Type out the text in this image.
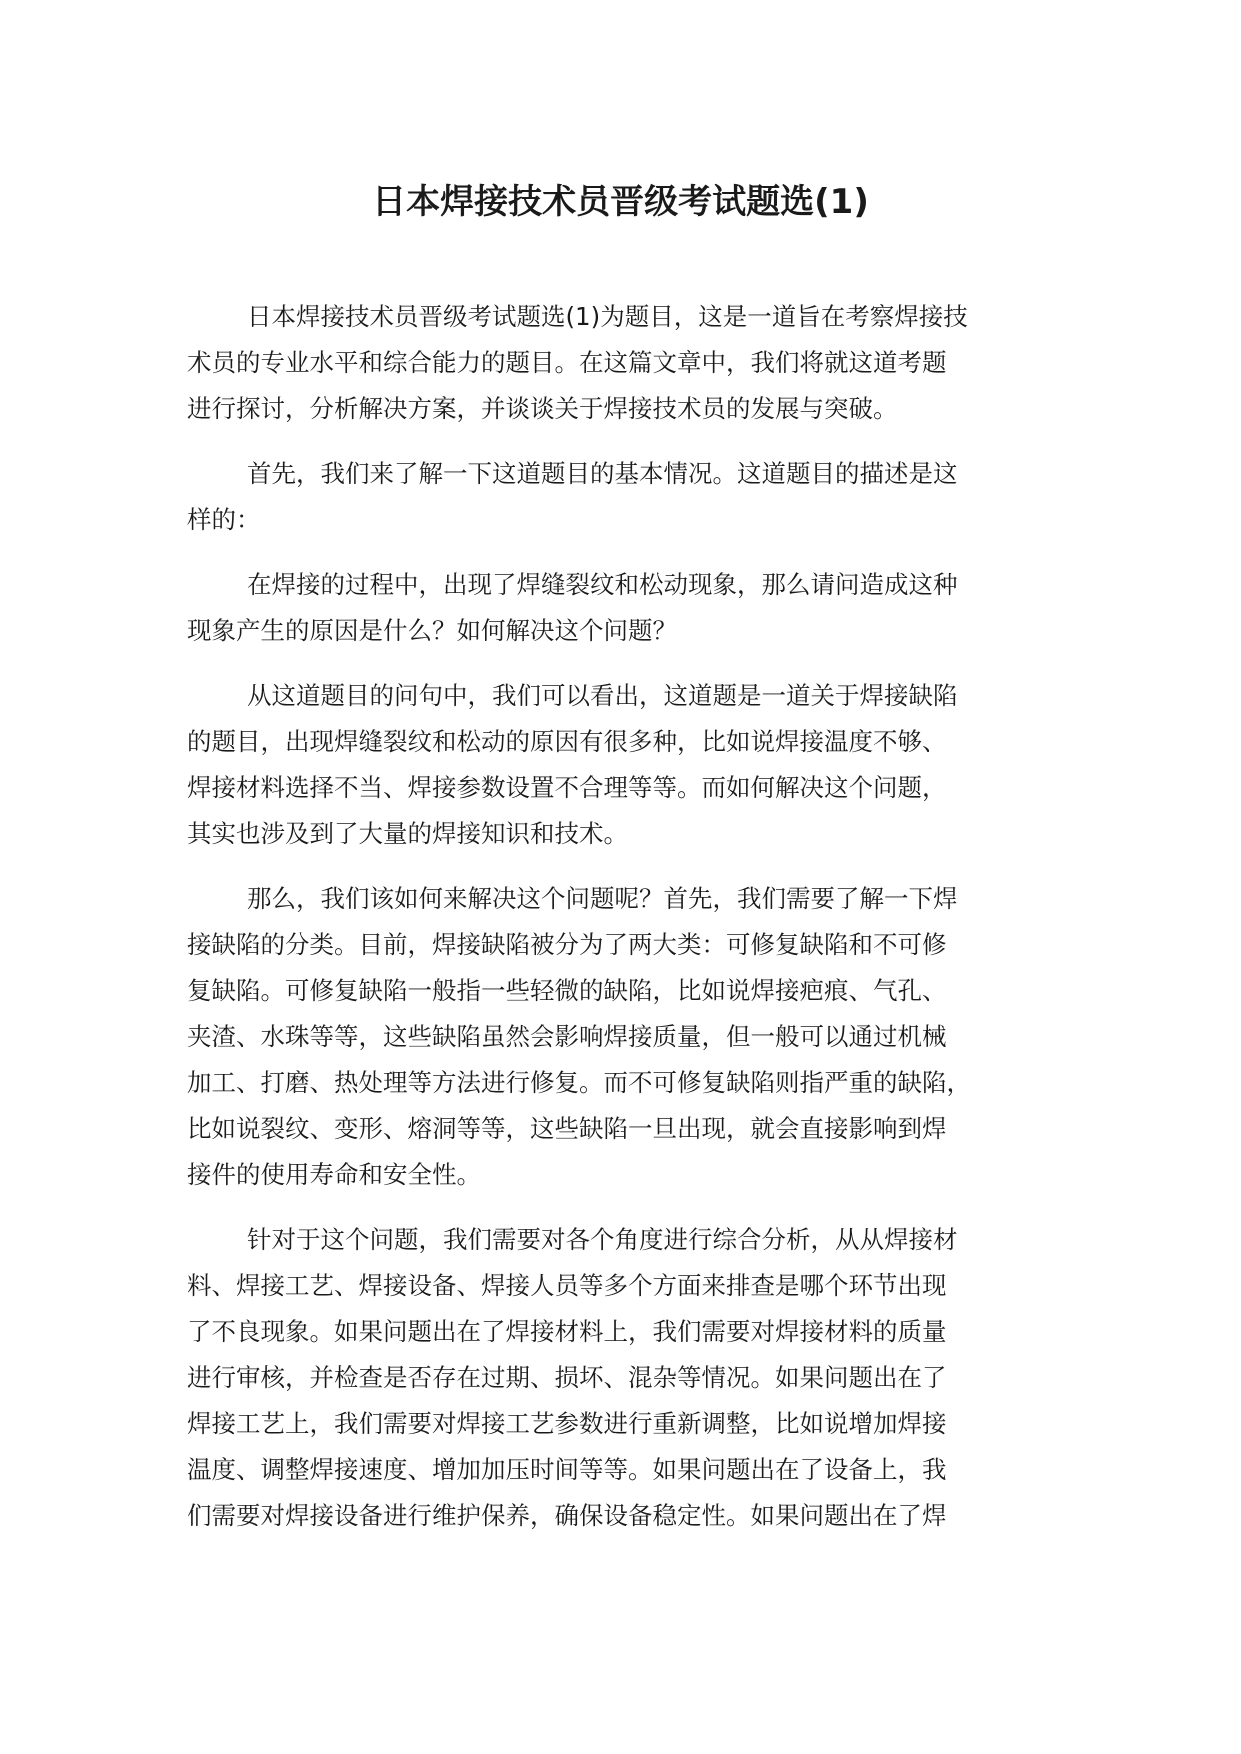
日本焊接技术员晋级考试题选(1)

日本焊接技术员晋级考试题选(1)为题目，这是一道旨在考察焊接技
术员的专业水平和综合能力的题目。在这篇文章中，我们将就这道考题
进行探讨，分析解决方案，并谈谈关于焊接技术员的发展与突破。

首先，我们来了解一下这道题目的基本情况。这道题目的描述是这
样的：

在焊接的过程中，出现了焊缝裂纹和松动现象，那么请问造成这种
现象产生的原因是什么？如何解决这个问题？

从这道题目的问句中，我们可以看出，这道题是一道关于焊接缺陷
的题目，出现焊缝裂纹和松动的原因有很多种，比如说焊接温度不够、
焊接材料选择不当、焊接参数设置不合理等等。而如何解决这个问题，
其实也涉及到了大量的焊接知识和技术。

那么，我们该如何来解决这个问题呢？首先，我们需要了解一下焊
接缺陷的分类。目前，焊接缺陷被分为了两大类：可修复缺陷和不可修
复缺陷。可修复缺陷一般指一些轻微的缺陷，比如说焊接疤痕、气孔、
夹渣、水珠等等，这些缺陷虽然会影响焊接质量，但一般可以通过机械
加工、打磨、热处理等方法进行修复。而不可修复缺陷则指严重的缺陷，
比如说裂纹、变形、熔洞等等，这些缺陷一旦出现，就会直接影响到焊
接件的使用寿命和安全性。

针对于这个问题，我们需要对各个角度进行综合分析，从从焊接材
料、焊接工艺、焊接设备、焊接人员等多个方面来排查是哪个环节出现
了不良现象。如果问题出在了焊接材料上，我们需要对焊接材料的质量
进行审核，并检查是否存在过期、损坏、混杂等情况。如果问题出在了
焊接工艺上，我们需要对焊接工艺参数进行重新调整，比如说增加焊接
温度、调整焊接速度、增加加压时间等等。如果问题出在了设备上，我
们需要对焊接设备进行维护保养，确保设备稳定性。如果问题出在了焊
